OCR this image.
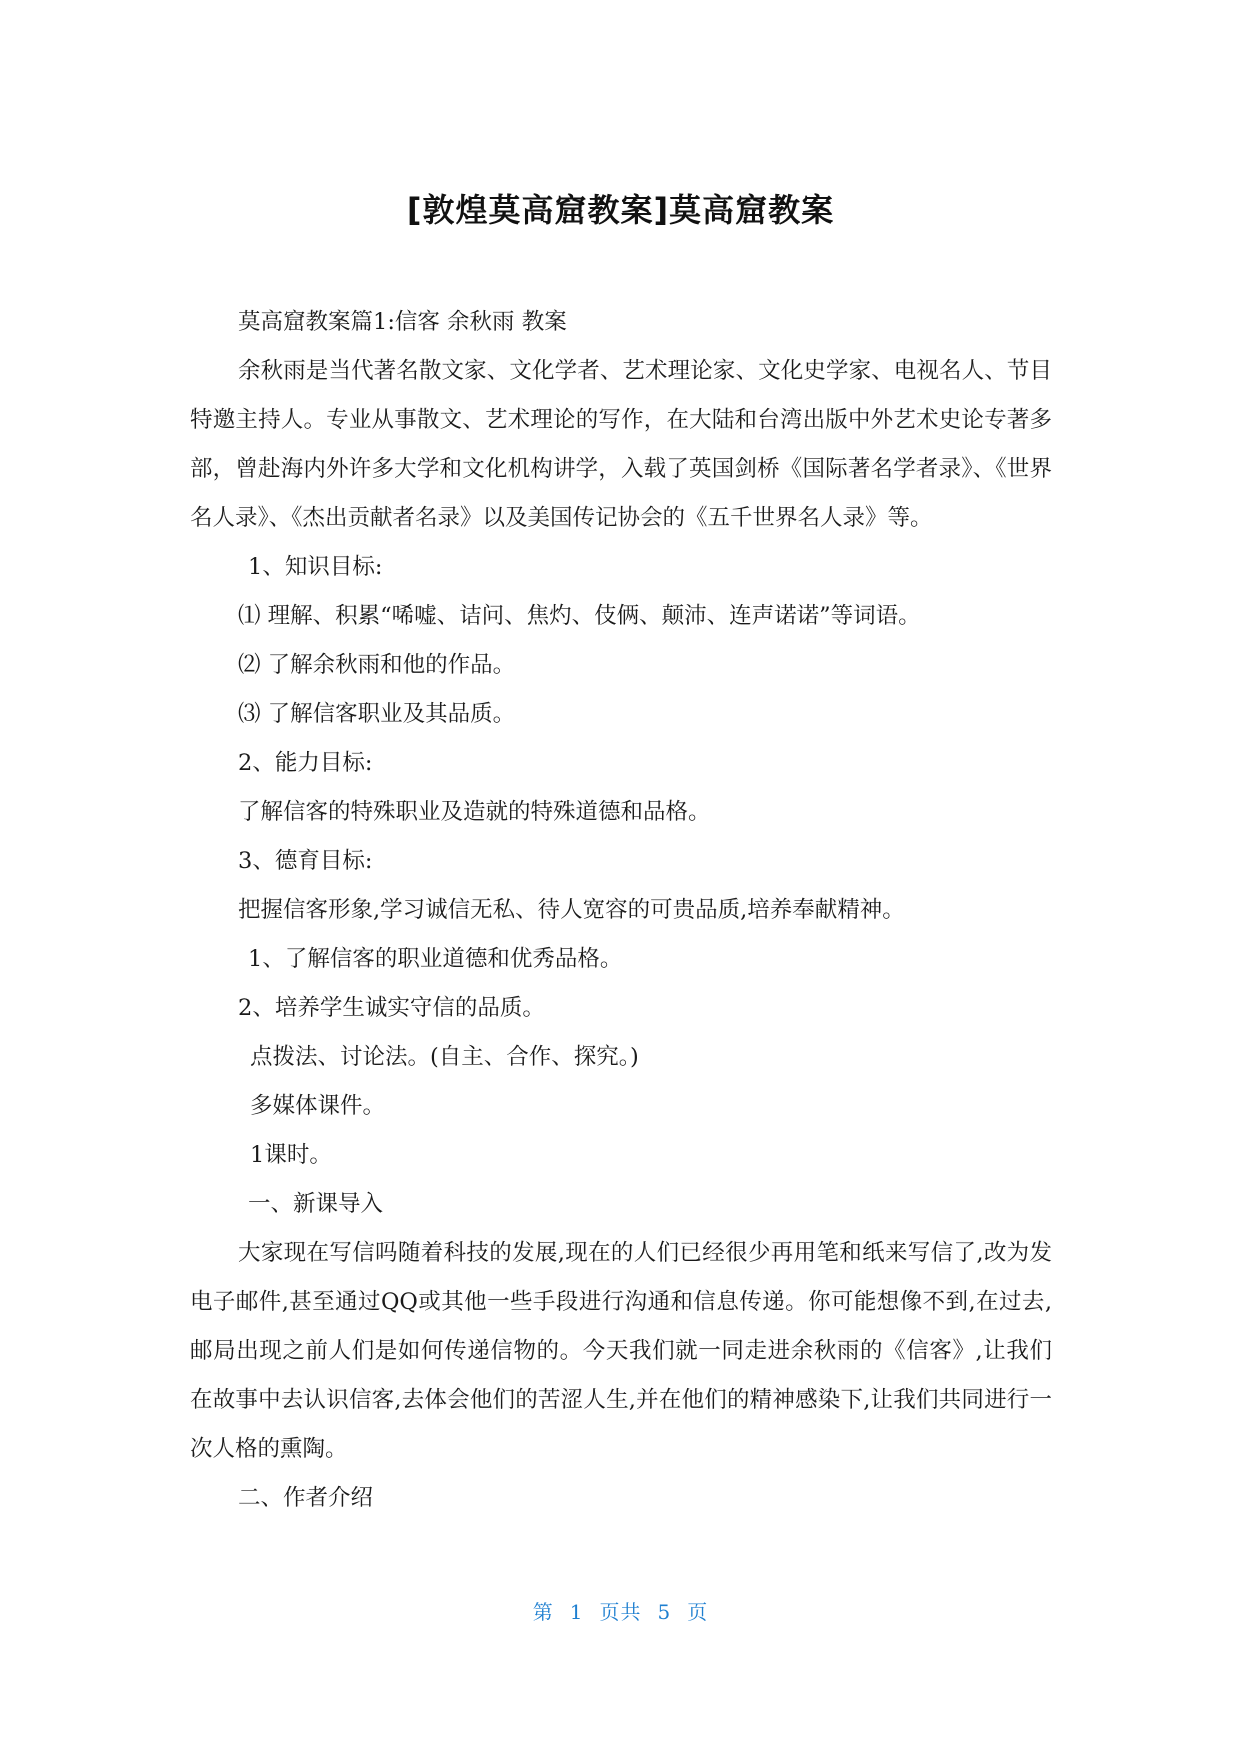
[敦煌莫高窟教案]莫高窟教案

莫高窟教案篇1:信客 余秋雨 教案

余秋雨是当代著名散文家、文化学者、艺术理论家、文化史学家、电视名人、节目特邀主持人。专业从事散文、艺术理论的写作，在大陆和台湾出版中外艺术史论专著多部，曾赴海内外许多大学和文化机构讲学，入载了英国剑桥《国际著名学者录》、《世界名人录》、《杰出贡献者名录》以及美国传记协会的《五千世界名人录》等。

1、知识目标:

⑴ 理解、积累“唏嘘、诘问、焦灼、伎俩、颠沛、连声诺诺”等词语。

⑵ 了解余秋雨和他的作品。

⑶ 了解信客职业及其品质。

2、能力目标:

了解信客的特殊职业及造就的特殊道德和品格。

3、德育目标:

把握信客形象,学习诚信无私、待人宽容的可贵品质,培养奉献精神。

1、了解信客的职业道德和优秀品格。

2、培养学生诚实守信的品质。

点拨法、讨论法。(自主、合作、探究。)

多媒体课件。

1课时。

一、新课导入

大家现在写信吗随着科技的发展,现在的人们已经很少再用笔和纸来写信了,改为发电子邮件,甚至通过QQ或其他一些手段进行沟通和信息传递。你可能想像不到,在过去,邮局出现之前人们是如何传递信物的。今天我们就一同走进余秋雨的《信客》,让我们在故事中去认识信客,去体会他们的苦涩人生,并在他们的精神感染下,让我们共同进行一次人格的熏陶。

二、作者介绍

第 1 页共 5 页
